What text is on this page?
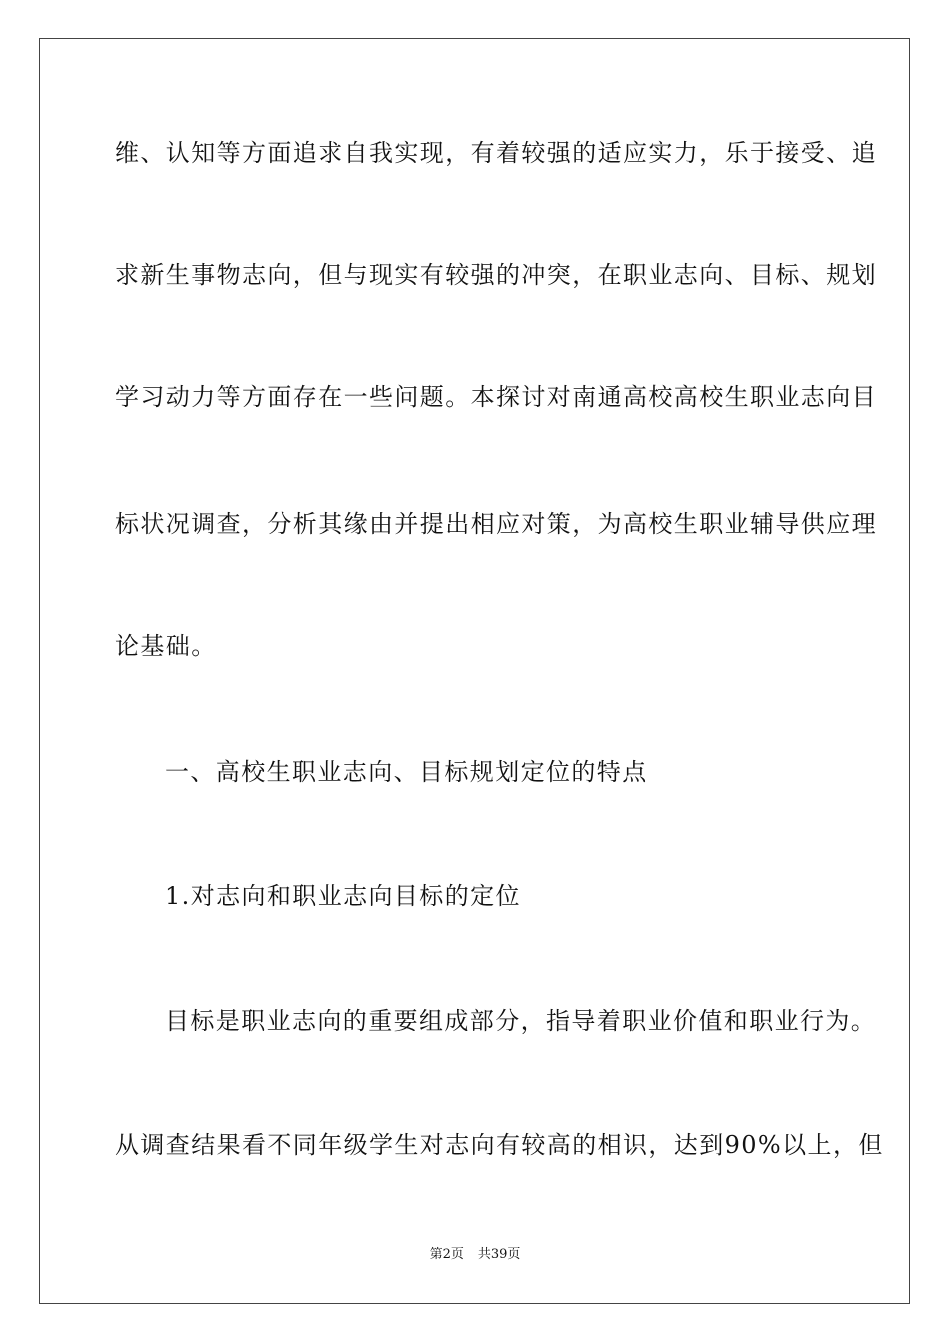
维、认知等方面追求自我实现，有着较强的适应实力，乐于接受、追
求新生事物志向，但与现实有较强的冲突，在职业志向、目标、规划
学习动力等方面存在一些问题。本探讨对南通高校高校生职业志向目
标状况调查，分析其缘由并提出相应对策，为高校生职业辅导供应理
论基础。
一、高校生职业志向、目标规划定位的特点
1.对志向和职业志向目标的定位
目标是职业志向的重要组成部分，指导着职业价值和职业行为。
从调查结果看不同年级学生对志向有较高的相识，达到90%以上，但
第2页 共39页
